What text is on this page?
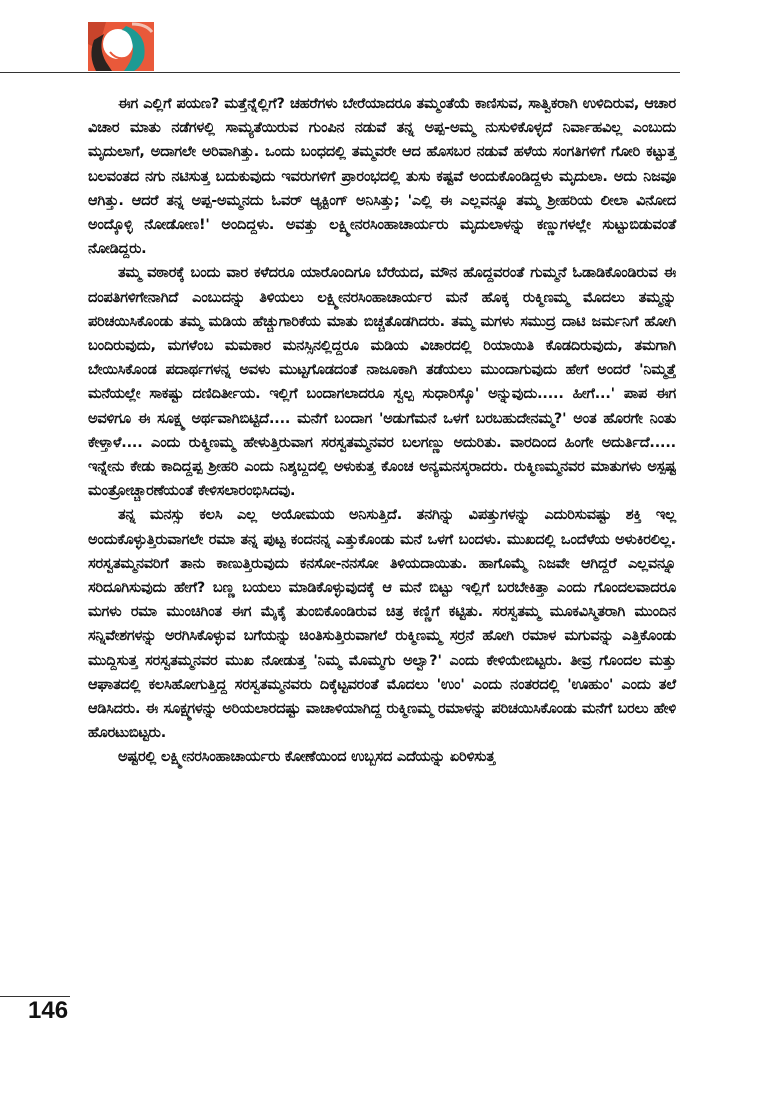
ಈಗ ಎಲ್ಲಿಗೆ ಪಯಣ? ಮತ್ತೆನ್ನೆಲ್ಲಿಗೆ? ಚಹರೆಗಳು ಬೇರೆಯಾದರೂ ತಮ್ಮಂತೆಯೆ ಕಾಣಿಸುವ, ಸಾತ್ವಿಕರಾಗಿ ಉಳಿದಿರುವ, ಆಚಾರ ವಿಚಾರ ಮಾತು ನಡೆಗಳಲ್ಲಿ ಸಾಮ್ಯತೆಯಿರುವ ಗುಂಪಿನ ನಡುವೆ ತನ್ನ ಅಪ್ಪ-ಅಮ್ಮ ನುಸುಳಿಕೊಳ್ಳದೆ ನಿರ್ವಾಹವಿಲ್ಲ ಎಂಬುದು ಮೃದುಲಾಗೆ, ಅದಾಗಲೇ ಅರಿವಾಗಿತ್ತು. ಒಂದು ಬಂಧದಲ್ಲಿ ತಮ್ಮವರೇ ಆದ ಹೊಸಬರ ನಡುವೆ ಹಳೆಯ ಸಂಗತಿಗಳಿಗೆ ಗೋರಿ ಕಟ್ಟುತ್ತ ಬಲವಂತದ ನಗು ನಟಿಸುತ್ತ ಬದುಕುವುದು ಇವರುಗಳಿಗೆ ಪ್ರಾರಂಭದಲ್ಲಿ ತುಸು ಕಷ್ಟವೆ ಅಂದುಕೊಂಡಿದ್ದಳು ಮೃದುಲಾ. ಅದು ನಿಜವೂ ಆಗಿತ್ತು. ಆದರೆ ತನ್ನ ಅಪ್ಪ-ಅಮ್ಮನದು ಓವರ್ ಆ್ಯಕ್ಟಿಂಗ್ ಅನಿಸಿತ್ತು; 'ಎಲ್ಲಿ ಈ ಎಲ್ಲವನ್ನೂ ತಮ್ಮ ಶ್ರೀಹರಿಯ ಲೀಲಾ ವಿನೋದ ಅಂದ್ಕೊಳ್ಳಿ ನೋಡೋಣ!' ಅಂದಿದ್ದಳು. ಅವತ್ತು ಲಕ್ಷ್ಮೀನರಸಿಂಹಾಚಾರ್ಯರು ಮೃದುಲಾಳನ್ನು ಕಣ್ಣುಗಳಲ್ಲೇ ಸುಟ್ಟುಬಿಡುವಂತೆ ನೋಡಿದ್ದರು.

ತಮ್ಮ ವಠಾರಕ್ಕೆ ಬಂದು ವಾರ ಕಳೆದರೂ ಯಾರೊಂದಿಗೂ ಬೆರೆಯದ, ಮೌನ ಹೊದ್ದವರಂತೆ ಗುಮ್ಮನೆ ಓಡಾಡಿಕೊಂಡಿರುವ ಈ ದಂಪತಿಗಳಿಗೇನಾಗಿದೆ ಎಂಬುದನ್ನು ತಿಳಿಯಲು ಲಕ್ಷ್ಮೀನರಸಿಂಹಾಚಾರ್ಯರ ಮನೆ ಹೊಕ್ಕ ರುಕ್ಮಿಣಮ್ಮ ಮೊದಲು ತಮ್ಮನ್ನು ಪರಿಚಯಿಸಿಕೊಂಡು ತಮ್ಮ ಮಡಿಯ ಹೆಚ್ಚುಗಾರಿಕೆಯ ಮಾತು ಬಿಚ್ಚತೊಡಗಿದರು. ತಮ್ಮ ಮಗಳು ಸಮುದ್ರ ದಾಟಿ ಜರ್ಮನಿಗೆ ಹೋಗಿ ಬಂದಿರುವುದು, ಮಗಳೆಂಬ ಮಮಕಾರ ಮನಸ್ಸಿನಲ್ಲಿದ್ದರೂ ಮಡಿಯ ವಿಚಾರದಲ್ಲಿ ರಿಯಾಯಿತಿ ಕೊಡದಿರುವುದು, ತಮಗಾಗಿ ಬೇಯಿಸಿಕೊಂಡ ಪದಾರ್ಥಗಳನ್ನ ಅವಳು ಮುಟ್ಟಗೊಡದಂತೆ ನಾಜೂಕಾಗಿ ತಡೆಯಲು ಮುಂದಾಗುವುದು ಹೇಗೆ ಅಂದರೆ 'ನಿಮ್ಮತ್ತೆ ಮನೆಯಲ್ಲೇ ಸಾಕಷ್ಟು ದಣಿದಿರ್ತೀಯ. ಇಲ್ಲಿಗೆ ಬಂದಾಗಲಾದರೂ ಸ್ವಲ್ಪ ಸುಧಾರಿಸ್ಕೊ' ಅನ್ನುವುದು..... ಹೀಗೆ...' ಪಾಪ ಈಗ ಅವಳಿಗೂ ಈ ಸೂಕ್ಷ್ಮ ಅರ್ಥವಾಗಿಬಿಟ್ಟಿದೆ.... ಮನೆಗೆ ಬಂದಾಗ 'ಅಡುಗೆಮನೆ ಒಳಗೆ ಬರಬಹುದೇನಮ್ಮ?' ಅಂತ ಹೊರಗೇ ನಿಂತು ಕೇಳ್ತಾಳೆ.... ಎಂದು ರುಕ್ಮಿಣಮ್ಮ ಹೇಳುತ್ತಿರುವಾಗ ಸರಸ್ವತಮ್ಮನವರ ಬಲಗಣ್ಣು ಅದುರಿತು. ವಾರದಿಂದ ಹಿಂಗೇ ಅದುರ್ತಿದೆ..... ಇನ್ನೇನು ಕೇಡು ಕಾದಿದ್ದಪ್ಪ ಶ್ರೀಹರಿ ಎಂದು ನಿಶ್ಶಬ್ದದಲ್ಲಿ ಅಳುಕುತ್ತ ಕೊಂಚ ಅನ್ಯಮನಸ್ಕರಾದರು. ರುಕ್ಮಿಣಮ್ಮನವರ ಮಾತುಗಳು ಅಸ್ಪಷ್ಟ ಮಂತ್ರೋಚ್ಚಾರಣೆಯಂತೆ ಕೇಳಿಸಲಾರಂಭಿಸಿದವು.

ತನ್ನ ಮನಸ್ಸು ಕಲಸಿ ಎಲ್ಲ ಅಯೋಮಯ ಅನಿಸುತ್ತಿದೆ. ತನಗಿನ್ನು ವಿಪತ್ತುಗಳನ್ನು ಎದುರಿಸುವಷ್ಟು ಶಕ್ತಿ ಇಲ್ಲ ಅಂದುಕೊಳ್ಳುತ್ತಿರುವಾಗಲೇ ರಮಾ ತನ್ನ ಪುಟ್ಟ ಕಂದನನ್ನ ಎತ್ತುಕೊಂಡು ಮನೆ ಒಳಗೆ ಬಂದಳು. ಮುಖದಲ್ಲಿ ಒಂದೆಳೆಯ ಅಳುಕಿರಲಿಲ್ಲ. ಸರಸ್ವತಮ್ಮನವರಿಗೆ ತಾನು ಕಾಣುತ್ತಿರುವುದು ಕನಸೋ-ನನಸೋ ತಿಳಿಯದಾಯಿತು. ಹಾಗೊಮ್ಮೆ ನಿಜವೇ ಆಗಿದ್ದರೆ ಎಲ್ಲವನ್ನೂ ಸರಿದೂಗಿಸುವುದು ಹೇಗೆ? ಬಣ್ಣ ಬಯಲು ಮಾಡಿಕೊಳ್ಳುವುದಕ್ಕೆ ಆ ಮನೆ ಬಿಟ್ಟು ಇಲ್ಲಿಗೆ ಬರಬೇಕಿತ್ತಾ ಎಂದು ಗೊಂದಲವಾದರೂ ಮಗಳು ರಮಾ ಮುಂಚಿಗಿಂತ ಈಗ ಮೈಕೈ ತುಂಬಿಕೊಂಡಿರುವ ಚಿತ್ರ ಕಣ್ಣಿಗೆ ಕಟ್ಟಿತು. ಸರಸ್ವತಮ್ಮ ಮೂಕವಿಸ್ಮಿತರಾಗಿ ಮುಂದಿನ ಸನ್ನಿವೇಶಗಳನ್ನು ಅರಗಿಸಿಕೊಳ್ಳುವ ಬಗೆಯನ್ನು ಚಿಂತಿಸುತ್ತಿರುವಾಗಲೆ ರುಕ್ಮಿಣಮ್ಮ ಸರ್ರನೆ ಹೋಗಿ ರಮಾಳ ಮಗುವನ್ನು ಎತ್ತಿಕೊಂಡು ಮುದ್ದಿಸುತ್ತ ಸರಸ್ವತಮ್ಮನವರ ಮುಖ ನೋಡುತ್ತ 'ನಿಮ್ಮ ಮೊಮ್ಮಗು ಅಲ್ವಾ?' ಎಂದು ಕೇಳಿಯೇಬಿಟ್ಟರು. ತೀವ್ರ ಗೊಂದಲ ಮತ್ತು ಆಘಾತದಲ್ಲಿ ಕಲಸಿಹೋಗುತ್ತಿದ್ದ ಸರಸ್ವತಮ್ಮನವರು ದಿಕ್ಕೆಟ್ಟವರಂತೆ ಮೊದಲು 'ಉಂ' ಎಂದು ನಂತರದಲ್ಲಿ 'ಊಹುಂ' ಎಂದು ತಲೆ ಆಡಿಸಿದರು. ಈ ಸೂಕ್ಷ್ಮಗಳನ್ನು ಅರಿಯಲಾರದಷ್ಟು ವಾಚಾಳಿಯಾಗಿದ್ದ ರುಕ್ಮಿಣಮ್ಮ ರಮಾಳನ್ನು ಪರಿಚಯಿಸಿಕೊಂಡು ಮನೆಗೆ ಬರಲು ಹೇಳಿ ಹೊರಟುಬಿಟ್ಟರು.

ಅಷ್ಟರಲ್ಲಿ ಲಕ್ಷ್ಮೀನರಸಿಂಹಾಚಾರ್ಯರು ಕೋಣೆಯಿಂದ ಉಬ್ಬಸದ ಎದೆಯನ್ನು ಏರಿಳಿಸುತ್ತ

146
